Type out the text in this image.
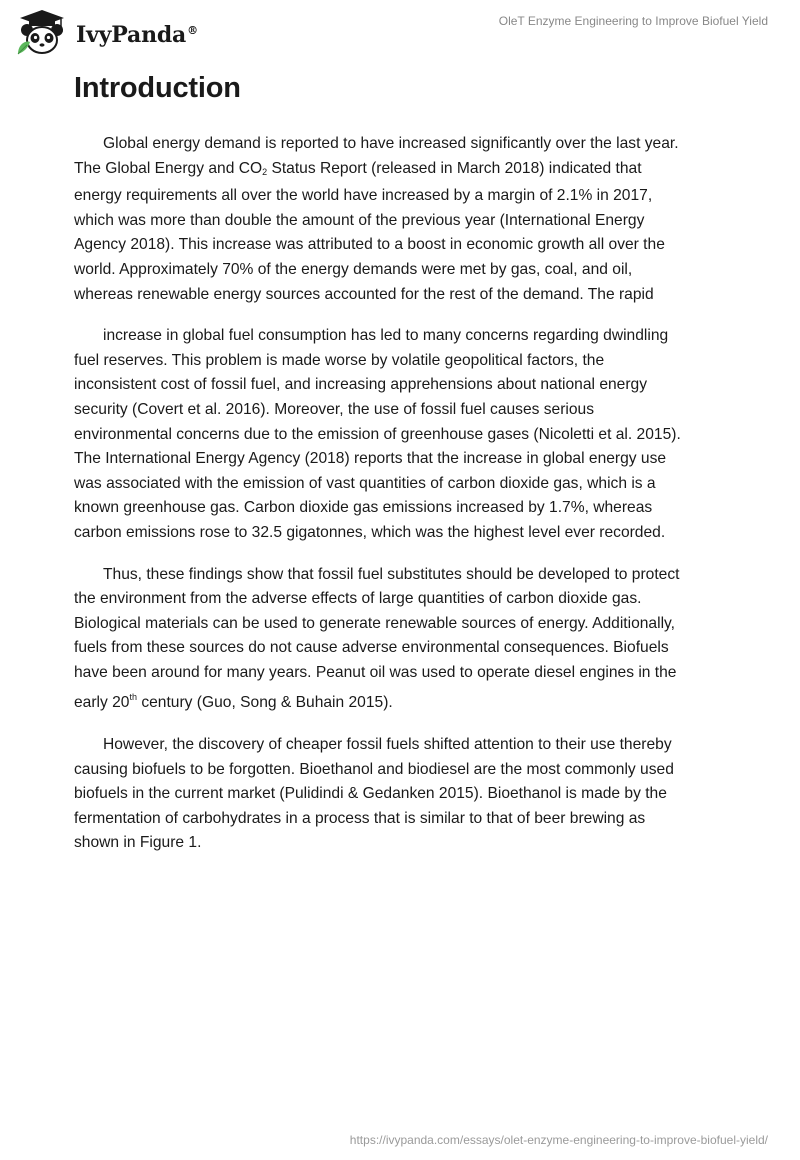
IvyPanda®
OleT Enzyme Engineering to Improve Biofuel Yield
Introduction

Global energy demand is reported to have increased significantly over the last year.
The Global Energy and $CO_2$ Status Report (released in March 2018) indicated that
energy requirements all over the world have increased by a margin of 2.1% in 2017,
which was more than double the amount of the previous year (International Energy
Agency 2018). This increase was attributed to a boost in economic growth all over the
world. Approximately 70% of the energy demands were met by gas, coal, and oil,
whereas renewable energy sources accounted for the rest of the demand. The rapid

increase in global fuel consumption has led to many concerns regarding dwindling
fuel reserves. This problem is made worse by volatile geopolitical factors, the
inconsistent cost of fossil fuel, and increasing apprehensions about national energy
security (Covert et al. 2016). Moreover, the use of fossil fuel causes serious
environmental concerns due to the emission of greenhouse gases (Nicoletti et al. 2015).
The International Energy Agency (2018) reports that the increase in global energy use
was associated with the emission of vast quantities of carbon dioxide gas, which is a
known greenhouse gas. Carbon dioxide gas emissions increased by 1.7%, whereas
carbon emissions rose to 32.5 gigatonnes, which was the highest level ever recorded.

Thus, these findings show that fossil fuel substitutes should be developed to protect
the environment from the adverse effects of large quantities of carbon dioxide gas.
Biological materials can be used to generate renewable sources of energy. Additionally,
fuels from these sources do not cause adverse environmental consequences. Biofuels
have been around for many years. Peanut oil was used to operate diesel engines in the
early 20th century (Guo, Song & Buhain 2015).

However, the discovery of cheaper fossil fuels shifted attention to their use thereby
causing biofuels to be forgotten. Bioethanol and biodiesel are the most commonly used
biofuels in the current market (Pulidindi & Gedanken 2015). Bioethanol is made by the
fermentation of carbohydrates in a process that is similar to that of beer brewing as
shown in Figure 1.

https://ivypanda.com/essays/olet-enzyme-engineering-to-improve-biofuel-yield/
